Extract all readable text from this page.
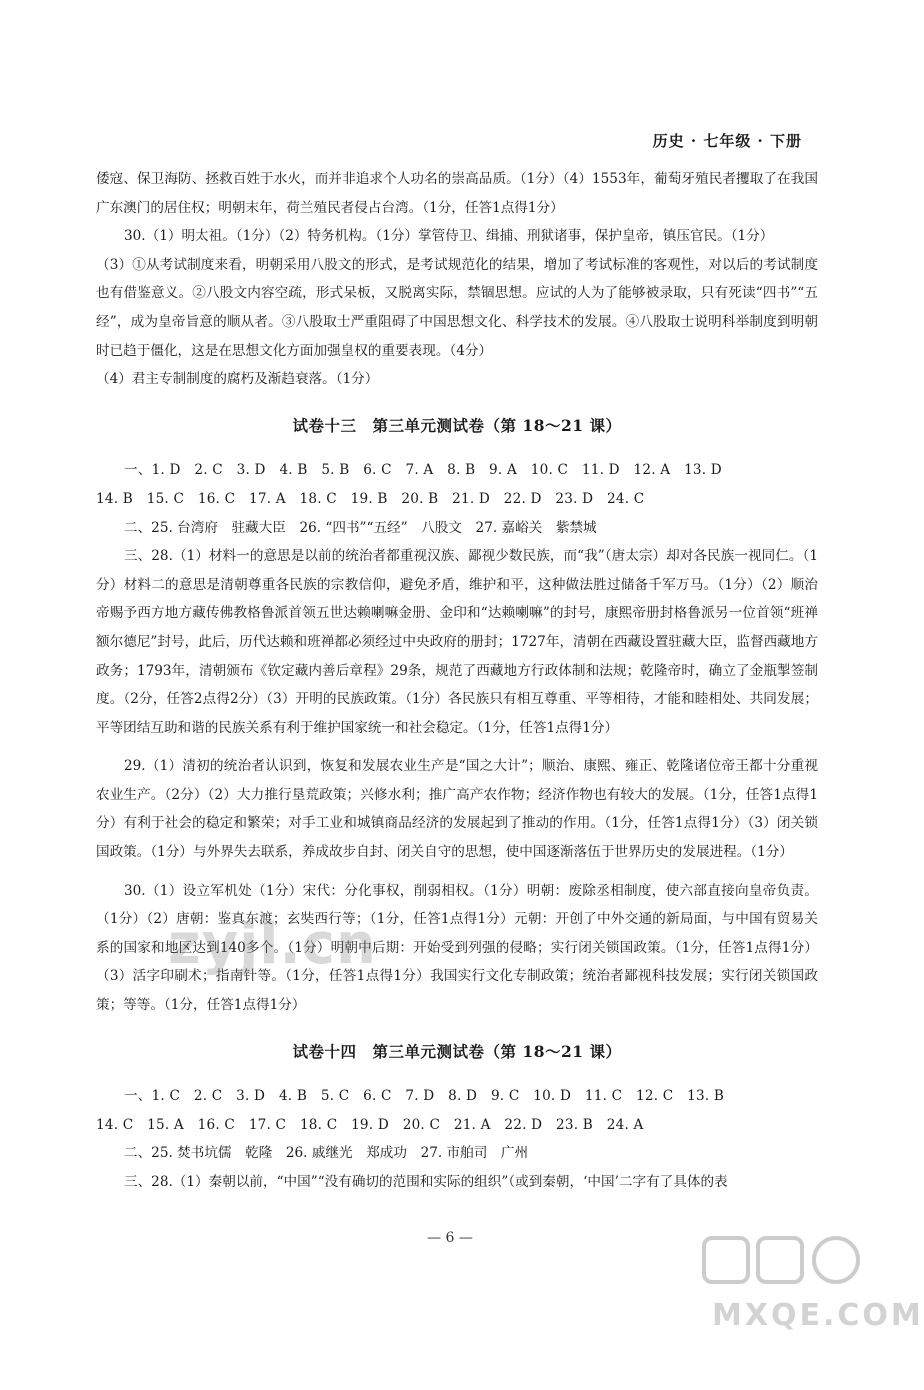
历史 · 七年级 · 下册

倭寇、保卫海防、拯救百姓于水火，而并非追求个人功名的崇高品质。（1分）（4）1553年，葡萄牙殖民者攫取了在我国广东澳门的居住权；明朝末年，荷兰殖民者侵占台湾。（1分，任答1点得1分）

30.（1）明太祖。（1分）（2）特务机构。（1分）掌管侍卫、缉捕、刑狱诸事，保护皇帝，镇压官民。（1分）

（3）①从考试制度来看，明朝采用八股文的形式，是考试规范化的结果，增加了考试标准的客观性，对以后的考试制度也有借鉴意义。②八股文内容空疏，形式呆板，又脱离实际，禁锢思想。应试的人为了能够被录取，只有死读“四书”“五经”，成为皇帝旨意的顺从者。③八股取士严重阻碍了中国思想文化、科学技术的发展。④八股取士说明科举制度到明朝时已趋于僵化，这是在思想文化方面加强皇权的重要表现。（4分）

（4）君主专制制度的腐朽及渐趋衰落。（1分）

试卷十三　第三单元测试卷（第 18～21 课）

一、1. D　2. C　3. D　4. B　5. B　6. C　7. A　8. B　9. A　10. C　11. D　12. A　13. D

14. B　15. C　16. C　17. A　18. C　19. B　20. B　21. D　22. D　23. D　24. C

二、25. 台湾府　驻藏大臣　26. “四书”“五经”　八股文　27. 嘉峪关　紫禁城

三、28.（1）材料一的意思是以前的统治者都重视汉族、鄙视少数民族，而“我”（唐太宗）却对各民族一视同仁。（1分）材料二的意思是清朝尊重各民族的宗教信仰，避免矛盾，维护和平，这种做法胜过储备千军万马。（1分）（2）顺治帝赐予西方地方藏传佛教格鲁派首领五世达赖喇嘛金册、金印和“达赖喇嘛”的封号，康熙帝册封格鲁派另一位首领“班禅额尔德尼”封号，此后，历代达赖和班禅都必须经过中央政府的册封；1727年，清朝在西藏设置驻藏大臣，监督西藏地方政务；1793年，清朝颁布《钦定藏内善后章程》29条，规范了西藏地方行政体制和法规；乾隆帝时，确立了金瓶掣签制度。（2分，任答2点得2分）（3）开明的民族政策。（1分）各民族只有相互尊重、平等相待，才能和睦相处、共同发展；平等团结互助和谐的民族关系有利于维护国家统一和社会稳定。（1分，任答1点得1分）

29.（1）清初的统治者认识到，恢复和发展农业生产是“国之大计”；顺治、康熙、雍正、乾隆诸位帝王都十分重视农业生产。（2分）（2）大力推行垦荒政策；兴修水利；推广高产农作物；经济作物也有较大的发展。（1分，任答1点得1分）有利于社会的稳定和繁荣；对手工业和城镇商品经济的发展起到了推动的作用。（1分，任答1点得1分）（3）闭关锁国政策。（1分）与外界失去联系，养成故步自封、闭关自守的思想，使中国逐渐落伍于世界历史的发展进程。（1分）

30.（1）设立军机处（1分）宋代：分化事权，削弱相权。（1分）明朝：废除丞相制度，使六部直接向皇帝负责。（1分）（2）唐朝：鉴真东渡；玄奘西行等；（1分，任答1点得1分）元朝：开创了中外交通的新局面，与中国有贸易关系的国家和地区达到140多个。（1分）明朝中后期：开始受到列强的侵略；实行闭关锁国政策。（1分，任答1点得1分）（3）活字印刷术；指南针等。（1分，任答1点得1分）我国实行文化专制政策；统治者鄙视科技发展；实行闭关锁国政策；等等。（1分，任答1点得1分）

试卷十四　第三单元测试卷（第 18～21 课）

一、1. C　2. C　3. D　4. B　5. C　6. C　7. D　8. D　9. C　10. D　11. C　12. C　13. B

14. C　15. A　16. C　17. C　18. C　19. D　20. C　21. A　22. D　23. B　24. A

二、25. 焚书坑儒　乾隆　26. 戚继光　郑成功　27. 市舶司　广州

三、28.（1）秦朝以前，“中国”“没有确切的范围和实际的组织”（或到秦朝，‘中国’二字有了具体的表

— 6 —
zyjl.cn
MXQE.COM
